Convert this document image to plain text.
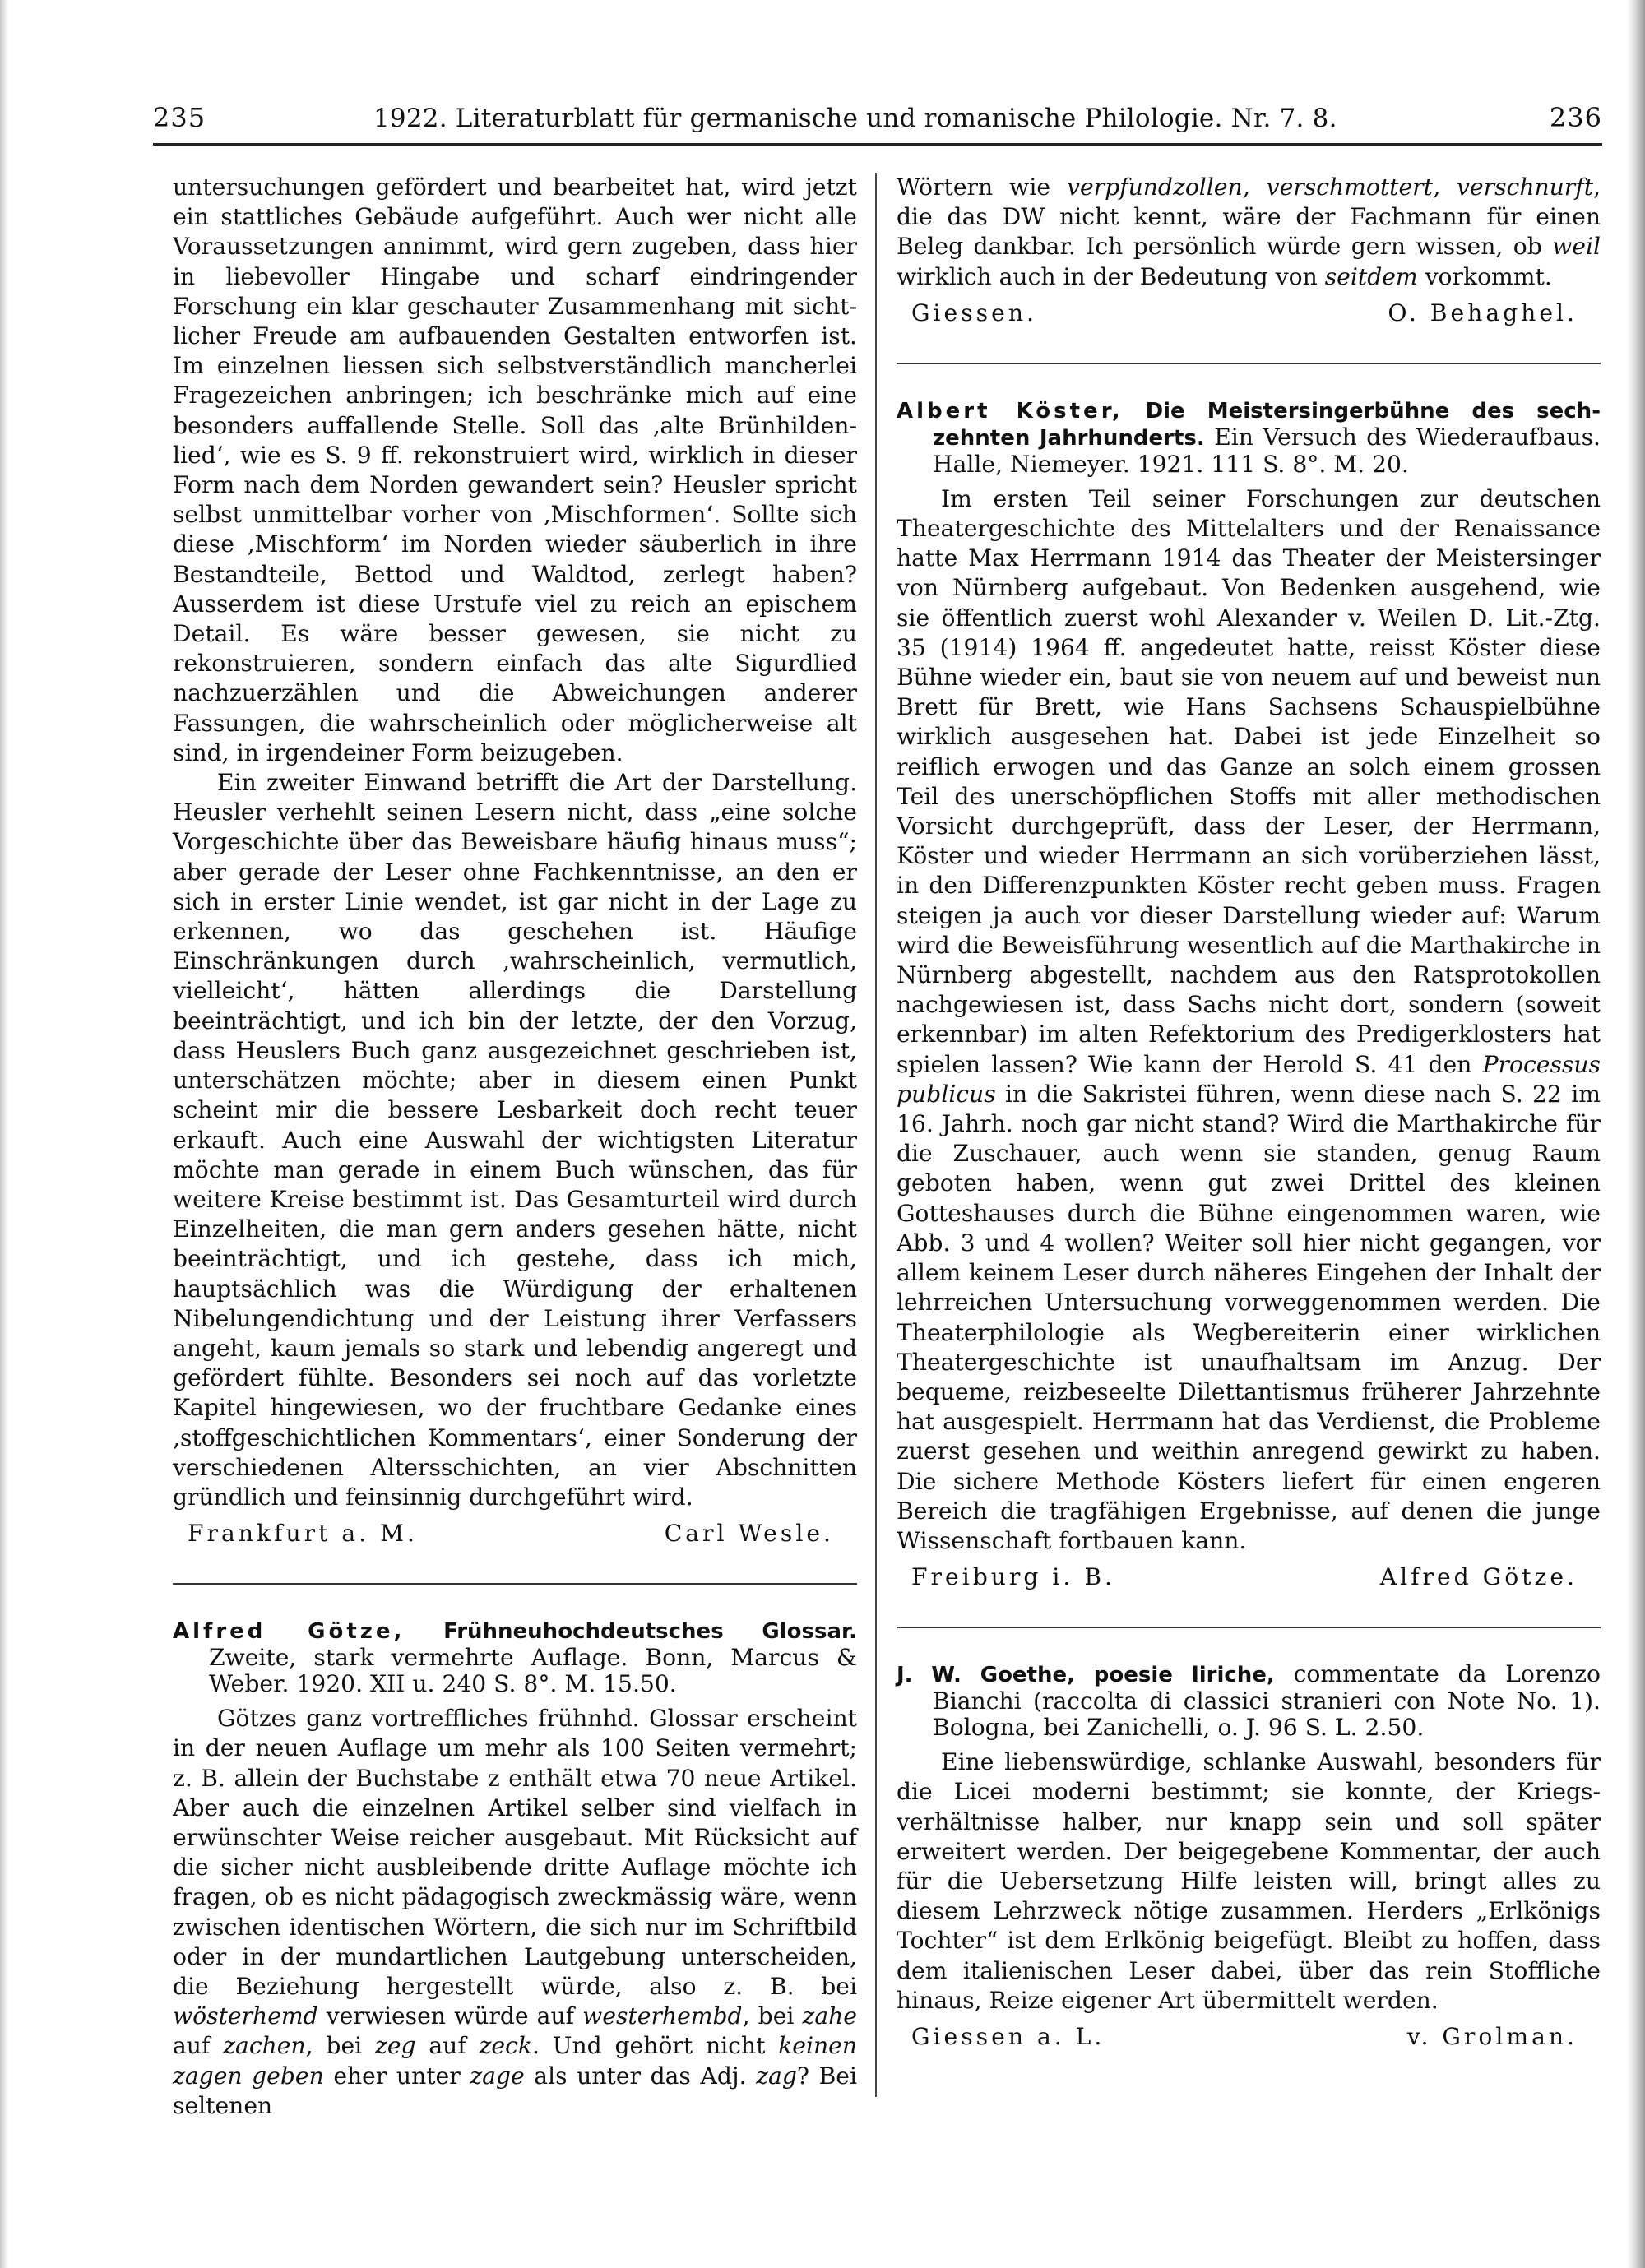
235	1922. Literaturblatt für germanische und romanische Philologie. Nr. 7. 8.	236

untersuchungen gefördert und bearbeitet hat, wird jetzt ein stattliches Gebäude aufgeführt. Auch wer nicht alle Voraussetzungen annimmt, wird gern zugeben, dass hier in liebevoller Hingabe und scharf eindringender Forschung ein klar geschauter Zusammenhang mit sichtlicher Freude am aufbauenden Gestalten entworfen ist. Im einzelnen liessen sich selbstverständlich mancherlei Fragezeichen anbringen; ich beschränke mich auf eine besonders auffallende Stelle. Soll das ‚alte Brünhildenlied‘, wie es S. 9 ff. rekonstruiert wird, wirklich in dieser Form nach dem Norden gewandert sein? Heusler spricht selbst unmittelbar vorher von ‚Mischformen‘. Sollte sich diese ‚Mischform‘ im Norden wieder säuberlich in ihre Bestandteile, Bettod und Waldtod, zerlegt haben? Ausserdem ist diese Urstufe viel zu reich an epischem Detail. Es wäre besser gewesen, sie nicht zu rekonstruieren, sondern einfach das alte Sigurdlied nachzuerzählen und die Abweichungen anderer Fassungen, die wahrscheinlich oder möglicherweise alt sind, in irgendeiner Form beizugeben.

Ein zweiter Einwand betrifft die Art der Darstellung. Heusler verhehlt seinen Lesern nicht, dass „eine solche Vorgeschichte über das Beweisbare häufig hinaus muss“; aber gerade der Leser ohne Fachkenntnisse, an den er sich in erster Linie wendet, ist gar nicht in der Lage zu erkennen, wo das geschehen ist. Häufige Einschränkungen durch ‚wahrscheinlich, vermutlich, vielleicht‘, hätten allerdings die Darstellung beeinträchtigt, und ich bin der letzte, der den Vorzug, dass Heuslers Buch ganz ausgezeichnet geschrieben ist, unterschätzen möchte; aber in diesem einen Punkt scheint mir die bessere Lesbarkeit doch recht teuer erkauft. Auch eine Auswahl der wichtigsten Literatur möchte man gerade in einem Buch wünschen, das für weitere Kreise bestimmt ist. Das Gesamturteil wird durch Einzelheiten, die man gern anders gesehen hätte, nicht beeinträchtigt, und ich gestehe, dass ich mich, hauptsächlich was die Würdigung der erhaltenen Nibelungendichtung und der Leistung ihrer Verfassers angeht, kaum jemals so stark und lebendig angeregt und gefördert fühlte. Besonders sei noch auf das vorletzte Kapitel hingewiesen, wo der fruchtbare Gedanke eines ‚stoffgeschichtlichen Kommentars‘, einer Sonderung der verschiedenen Altersschichten, an vier Abschnitten gründlich und feinsinnig durchgeführt wird.

Frankfurt a. M.	Carl Wesle.

Alfred Götze, Frühneuhochdeutsches Glossar. Zweite, stark vermehrte Auflage. Bonn, Marcus & Weber. 1920. XII u. 240 S. 8°. M. 15.50.

Götzes ganz vortreffliches frühnhd. Glossar erscheint in der neuen Auflage um mehr als 100 Seiten vermehrt; z. B. allein der Buchstabe z enthält etwa 70 neue Artikel. Aber auch die einzelnen Artikel selber sind vielfach in erwünschter Weise reicher ausgebaut. Mit Rücksicht auf die sicher nicht ausbleibende dritte Auflage möchte ich fragen, ob es nicht pädagogisch zweckmässig wäre, wenn zwischen identischen Wörtern, die sich nur im Schriftbild oder in der mundartlichen Lautgebung unterscheiden, die Beziehung hergestellt würde, also z. B. bei wösterhemd verwiesen würde auf westerhembd, bei zahe auf zachen, bei zeg auf zeck. Und gehört nicht keinen zagen geben eher unter zage als unter das Adj. zag? Bei seltenen

Wörtern wie verpfundzollen, verschmottert, verschnurft, die das DW nicht kennt, wäre der Fachmann für einen Beleg dankbar. Ich persönlich würde gern wissen, ob weil wirklich auch in der Bedeutung von seitdem vorkommt.

Giessen.	O. Behaghel.

Albert Köster, Die Meistersingerbühne des sechzehnten Jahrhunderts. Ein Versuch des Wiederaufbaus. Halle, Niemeyer. 1921. 111 S. 8°. M. 20.

Im ersten Teil seiner Forschungen zur deutschen Theatergeschichte des Mittelalters und der Renaissance hatte Max Herrmann 1914 das Theater der Meistersinger von Nürnberg aufgebaut. Von Bedenken ausgehend, wie sie öffentlich zuerst wohl Alexander v. Weilen D. Lit.-Ztg. 35 (1914) 1964 ff. angedeutet hatte, reisst Köster diese Bühne wieder ein, baut sie von neuem auf und beweist nun Brett für Brett, wie Hans Sachsens Schauspielbühne wirklich ausgesehen hat. Dabei ist jede Einzelheit so reiflich erwogen und das Ganze an solch einem grossen Teil des unerschöpflichen Stoffs mit aller methodischen Vorsicht durchgeprüft, dass der Leser, der Herrmann, Köster und wieder Herrmann an sich vorüberziehen lässt, in den Differenzpunkten Köster recht geben muss. Fragen steigen ja auch vor dieser Darstellung wieder auf: Warum wird die Beweisführung wesentlich auf die Marthakirche in Nürnberg abgestellt, nachdem aus den Ratsprotokollen nachgewiesen ist, dass Sachs nicht dort, sondern (soweit erkennbar) im alten Refektorium des Predigerklosters hat spielen lassen? Wie kann der Herold S. 41 den Processus publicus in die Sakristei führen, wenn diese nach S. 22 im 16. Jahrh. noch gar nicht stand? Wird die Marthakirche für die Zuschauer, auch wenn sie standen, genug Raum geboten haben, wenn gut zwei Drittel des kleinen Gotteshauses durch die Bühne eingenommen waren, wie Abb. 3 und 4 wollen? Weiter soll hier nicht gegangen, vor allem keinem Leser durch näheres Eingehen der Inhalt der lehrreichen Untersuchung vorweggenommen werden. Die Theaterphilologie als Wegbereiterin einer wirklichen Theatergeschichte ist unaufhaltsam im Anzug. Der bequeme, reizbeseelte Dilettantismus früherer Jahrzehnte hat ausgespielt. Herrmann hat das Verdienst, die Probleme zuerst gesehen und weithin anregend gewirkt zu haben. Die sichere Methode Kösters liefert für einen engeren Bereich die tragfähigen Ergebnisse, auf denen die junge Wissenschaft fortbauen kann.

Freiburg i. B.	Alfred Götze.

J. W. Goethe, poesie liriche, commentate da Lorenzo Bianchi (raccolta di classici stranieri con Note No. 1). Bologna, bei Zanichelli, o. J. 96 S. L. 2.50.

Eine liebenswürdige, schlanke Auswahl, besonders für die Licei moderni bestimmt; sie konnte, der Kriegsverhältnisse halber, nur knapp sein und soll später erweitert werden. Der beigegebene Kommentar, der auch für die Uebersetzung Hilfe leisten will, bringt alles zu diesem Lehrzweck nötige zusammen. Herders „Erlkönigs Tochter“ ist dem Erlkönig beigefügt. Bleibt zu hoffen, dass dem italienischen Leser dabei, über das rein Stoffliche hinaus, Reize eigener Art übermittelt werden.

Giessen a. L.	v. Grolman.
